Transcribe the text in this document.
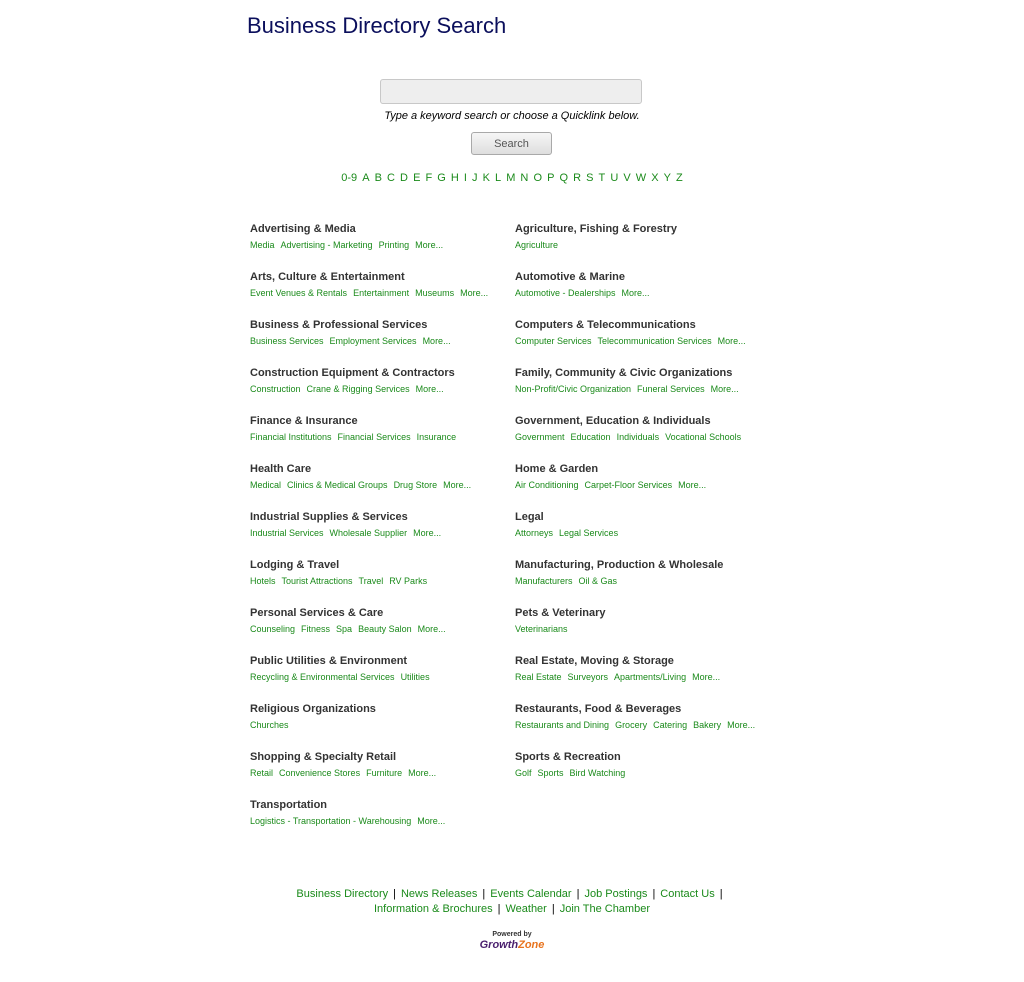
Business Directory Search
Type a keyword search or choose a Quicklink below.
Search
0-9 A B C D E F G H I J K L M N O P Q R S T U V W X Y Z
Advertising & Media
Media Advertising - Marketing Printing More...
Arts, Culture & Entertainment
Event Venues & Rentals Entertainment Museums More...
Business & Professional Services
Business Services Employment Services More...
Construction Equipment & Contractors
Construction Crane & Rigging Services More...
Finance & Insurance
Financial Institutions Financial Services Insurance
Health Care
Medical Clinics & Medical Groups Drug Store More...
Industrial Supplies & Services
Industrial Services Wholesale Supplier More...
Lodging & Travel
Hotels Tourist Attractions Travel RV Parks
Personal Services & Care
Counseling Fitness Spa Beauty Salon More...
Public Utilities & Environment
Recycling & Environmental Services Utilities
Religious Organizations
Churches
Shopping & Specialty Retail
Retail Convenience Stores Furniture More...
Transportation
Logistics - Transportation - Warehousing More...
Agriculture, Fishing & Forestry
Agriculture
Automotive & Marine
Automotive - Dealerships More...
Computers & Telecommunications
Computer Services Telecommunication Services More...
Family, Community & Civic Organizations
Non-Profit/Civic Organization Funeral Services More...
Government, Education & Individuals
Government Education Individuals Vocational Schools
Home & Garden
Air Conditioning Carpet-Floor Services More...
Legal
Attorneys Legal Services
Manufacturing, Production & Wholesale
Manufacturers Oil & Gas
Pets & Veterinary
Veterinarians
Real Estate, Moving & Storage
Real Estate Surveyors Apartments/Living More...
Restaurants, Food & Beverages
Restaurants and Dining Grocery Catering Bakery More...
Sports & Recreation
Golf Sports Bird Watching
Business Directory | News Releases | Events Calendar | Job Postings | Contact Us |
Information & Brochures | Weather | Join The Chamber
Powered by
GrowthZone
